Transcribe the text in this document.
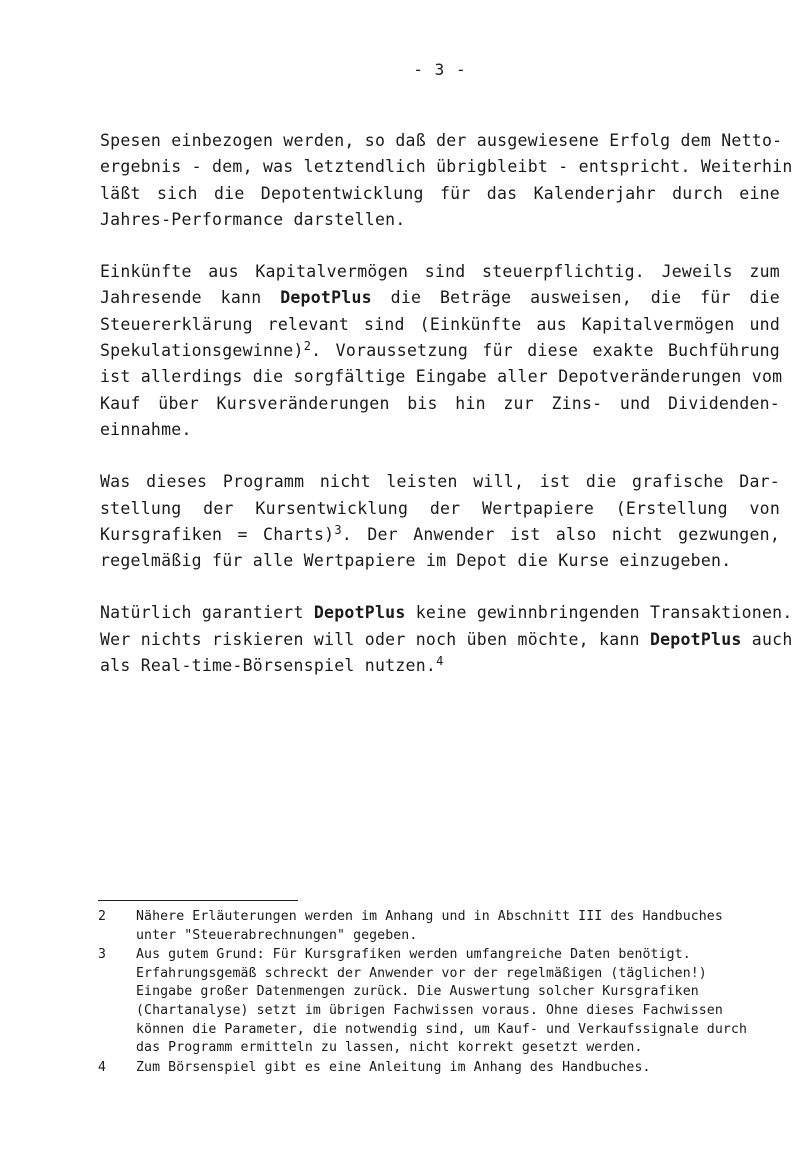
- 3 -

Spesen einbezogen werden, so daß der ausgewiesene Erfolg dem Netto-
ergebnis - dem, was letztendlich übrigbleibt - entspricht. Weiterhin
läßt sich die Depotentwicklung für das Kalenderjahr durch eine
Jahres-Performance darstellen.

Einkünfte aus Kapitalvermögen sind steuerpflichtig. Jeweils zum
Jahresende kann DepotPlus die Beträge ausweisen, die für die
Steuererklärung relevant sind (Einkünfte aus Kapitalvermögen und
Spekulationsgewinne)$^2$. Voraussetzung für diese exakte Buchführung
ist allerdings die sorgfältige Eingabe aller Depotveränderungen vom
Kauf über Kursveränderungen bis hin zur Zins- und Dividenden-
einnahme.

Was dieses Programm nicht leisten will, ist die grafische Dar-
stellung der Kursentwicklung der Wertpapiere (Erstellung von
Kursgrafiken = Charts)$^3$. Der Anwender ist also nicht gezwungen,
regelmäßig für alle Wertpapiere im Depot die Kurse einzugeben.

Natürlich garantiert DepotPlus keine gewinnbringenden Transaktionen.
Wer nichts riskieren will oder noch üben möchte, kann DepotPlus auch
als Real-time-Börsenspiel nutzen.$^4$

2	Nähere Erläuterungen werden im Anhang und in Abschnitt III des Handbuches
unter "Steuerabrechnungen" gegeben.
3	Aus gutem Grund: Für Kursgrafiken werden umfangreiche Daten benötigt.
Erfahrungsgemäß schreckt der Anwender vor der regelmäßigen (täglichen!)
Eingabe großer Datenmengen zurück. Die Auswertung solcher Kursgrafiken
(Chartanalyse) setzt im übrigen Fachwissen voraus. Ohne dieses Fachwissen
können die Parameter, die notwendig sind, um Kauf- und Verkaufssignale durch
das Programm ermitteln zu lassen, nicht korrekt gesetzt werden.
4	Zum Börsenspiel gibt es eine Anleitung im Anhang des Handbuches.
